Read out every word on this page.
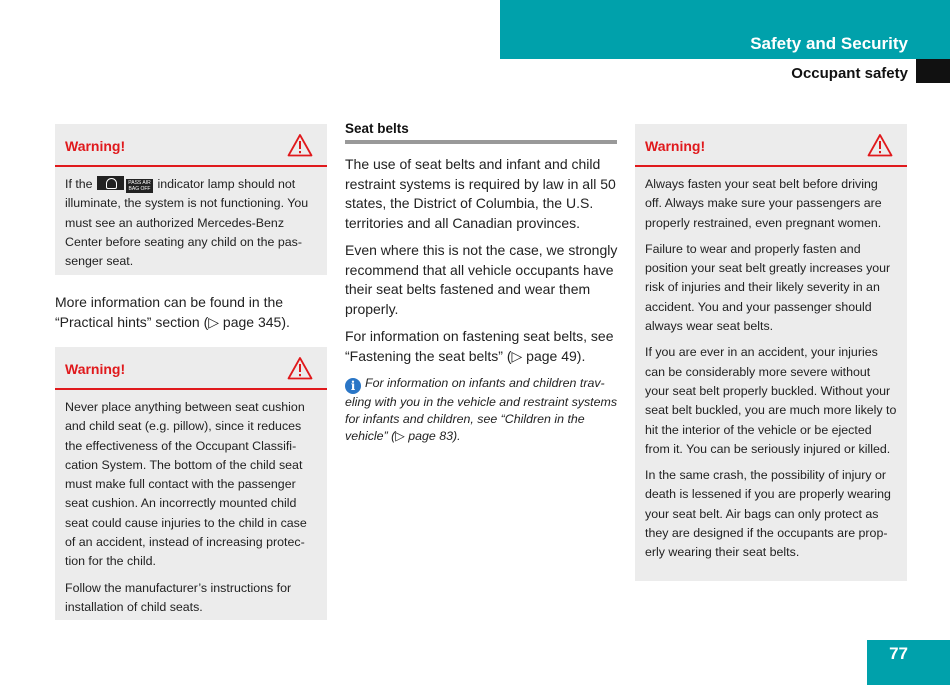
Safety and Security
Occupant safety
Warning!

If the	PASS AIR BAG OFF indicator lamp should not illuminate, the system is not functioning. You must see an authorized Mercedes-Benz Center before seating any child on the passenger seat.

More information can be found in the “Practical hints” section (▷ page 345).

Warning!

Never place anything between seat cushion and child seat (e.g. pillow), since it reduces the effectiveness of the Occupant Classification System. The bottom of the child seat must make full contact with the passenger seat cushion. An incorrectly mounted child seat could cause injuries to the child in case of an accident, instead of increasing protection for the child.

Follow the manufacturer’s instructions for installation of child seats.

Seat belts

The use of seat belts and infant and child restraint systems is required by law in all 50 states, the District of Columbia, the U.S. territories and all Canadian provinces.

Even where this is not the case, we strongly recommend that all vehicle occupants have their seat belts fastened and wear them properly.

For information on fastening seat belts, see “Fastening the seat belts” (▷ page 49).

i For information on infants and children traveling with you in the vehicle and restraint systems for infants and children, see “Children in the vehicle” (▷ page 83).
Warning!

Always fasten your seat belt before driving off. Always make sure your passengers are properly restrained, even pregnant women.

Failure to wear and properly fasten and position your seat belt greatly increases your risk of injuries and their likely severity in an accident. You and your passenger should always wear seat belts.

If you are ever in an accident, your injuries can be considerably more severe without your seat belt properly buckled. Without your seat belt buckled, you are much more likely to hit the interior of the vehicle or be ejected from it. You can be seriously injured or killed.

In the same crash, the possibility of injury or death is lessened if you are properly wearing your seat belt. Air bags can only protect as they are designed if the occupants are properly wearing their seat belts.

77
